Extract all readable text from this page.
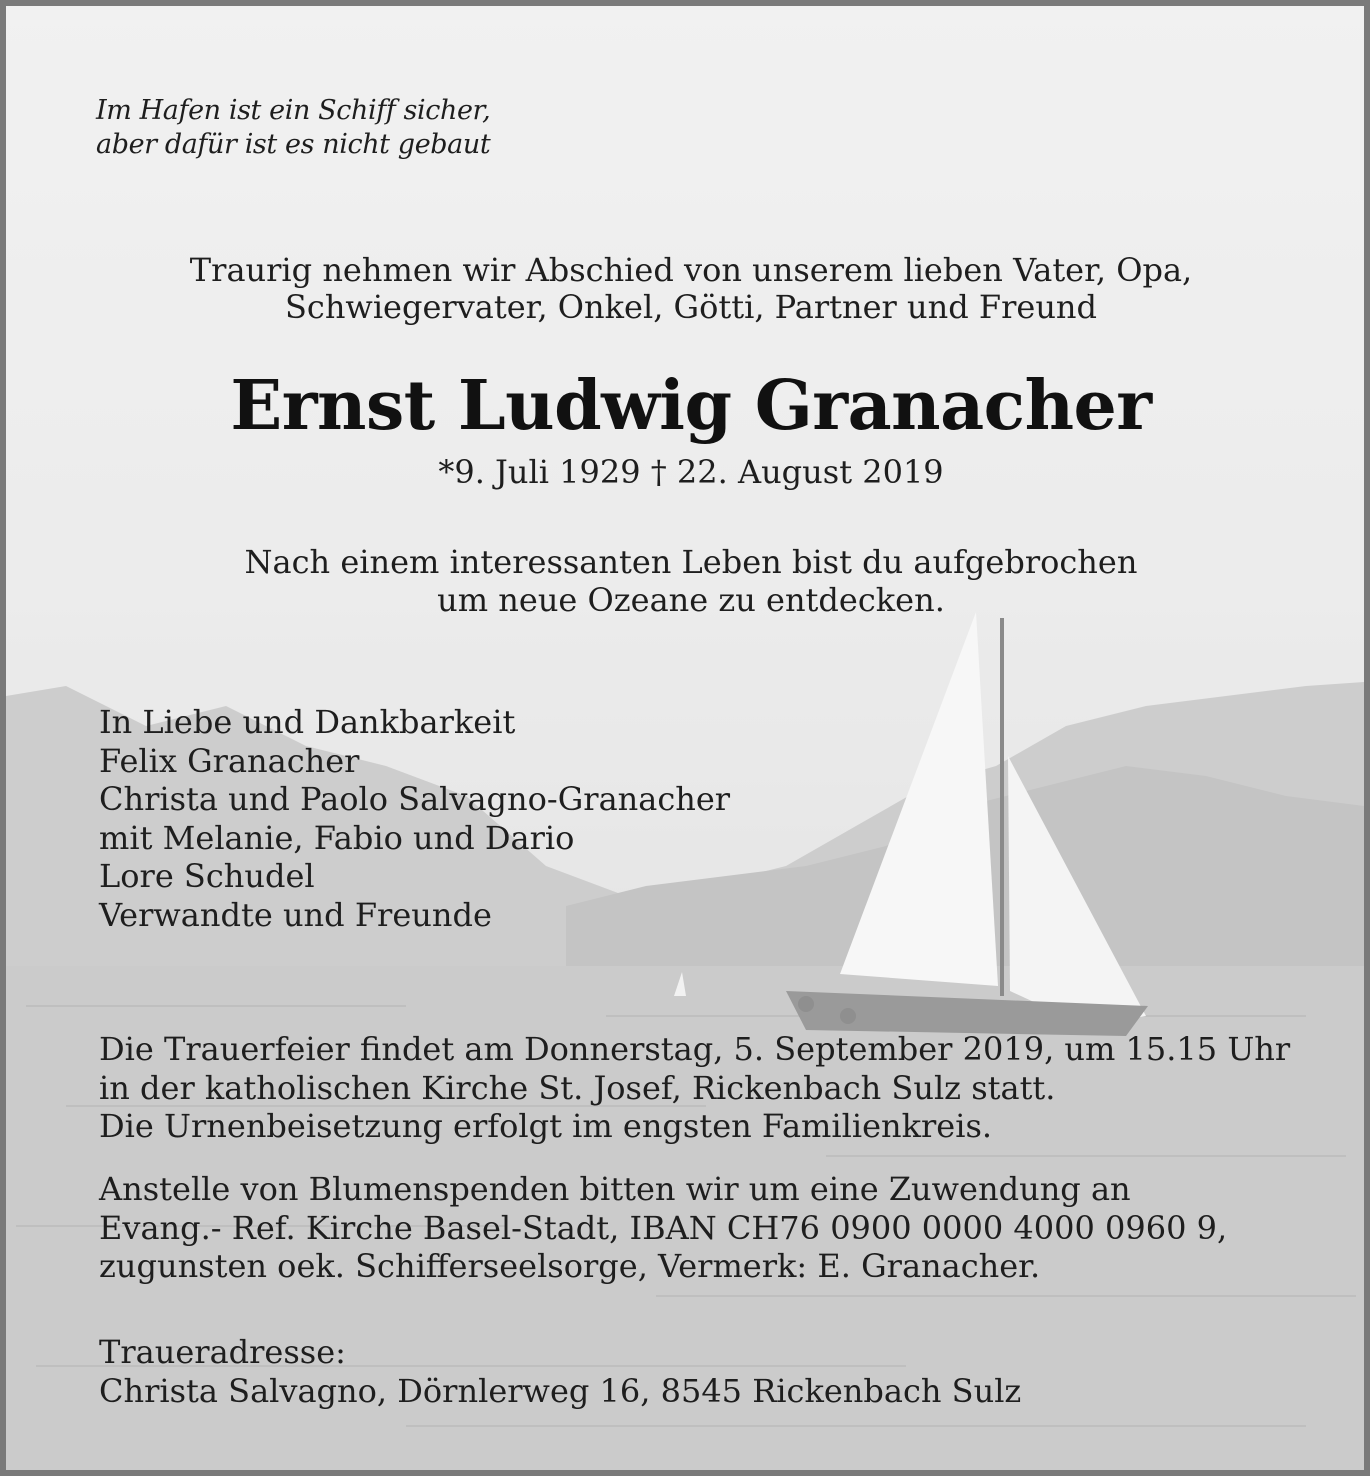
Im Hafen ist ein Schiff sicher,
aber dafür ist es nicht gebaut
Traurig nehmen wir Abschied von unserem lieben Vater, Opa,
Schwiegervater, Onkel, Götti, Partner und Freund
Ernst Ludwig Granacher
*9. Juli 1929 † 22. August 2019
Nach einem interessanten Leben bist du aufgebrochen
um neue Ozeane zu entdecken.
In Liebe und Dankbarkeit
Felix Granacher
Christa und Paolo Salvagno-Granacher
mit Melanie, Fabio und Dario
Lore Schudel
Verwandte und Freunde
Die Trauerfeier findet am Donnerstag, 5. September 2019, um 15.15 Uhr
in der katholischen Kirche St. Josef, Rickenbach Sulz statt.
Die Urnenbeisetzung erfolgt im engsten Familienkreis.
Anstelle von Blumenspenden bitten wir um eine Zuwendung an
Evang.- Ref. Kirche Basel-Stadt, IBAN CH76 0900 0000 4000 0960 9,
zugunsten oek. Schifferseelsorge, Vermerk: E. Granacher.
Traueradresse:
Christa Salvagno, Dörnlerweg 16, 8545 Rickenbach Sulz
